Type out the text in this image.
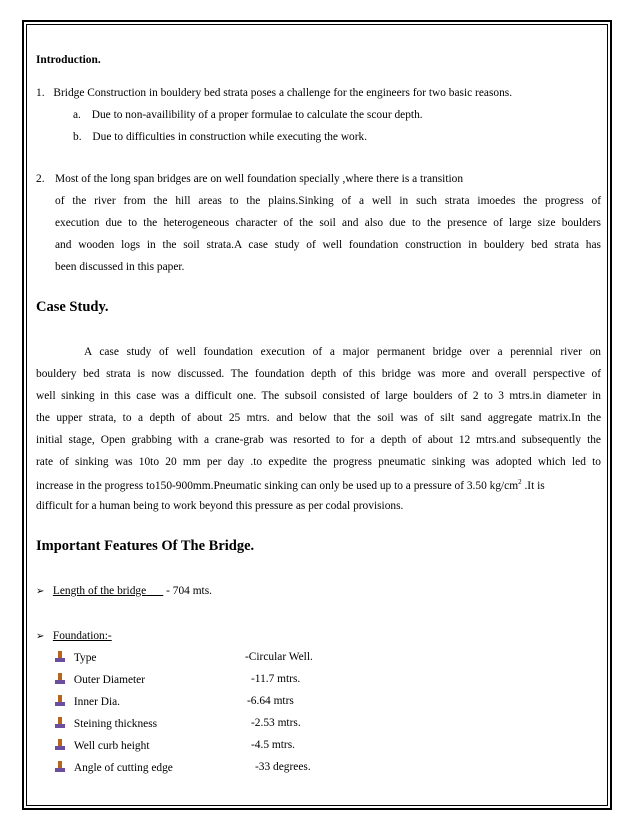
Introduction.
1. Bridge Construction in bouldery bed strata poses a challenge for the engineers for two basic reasons.
a. Due to non-availibility of a proper formulae to calculate the scour depth.
b. Due to difficulties in construction while executing the work.
2. Most of the long span bridges are on well foundation specially ,where there is a transition
of the river from the hill areas to the plains.Sinking of a well in such strata imoedes the progress of
execution due to the heterogeneous character of the soil and also due to the presence of large size boulders
and wooden logs in the soil strata.A case study of well foundation construction in bouldery bed strata has
been discussed in this paper.
Case Study.
A case study of well foundation execution of a major permanent bridge over a perennial river on
bouldery bed strata is now discussed. The foundation depth of this bridge was more and overall perspective of
well sinking in this case was a difficult one. The subsoil consisted of large boulders of 2 to 3 mtrs.in diameter in
the upper strata, to a depth of about 25 mtrs. and below that the soil was of silt sand aggregate matrix.In the
initial stage, Open grabbing with a crane-grab was resorted to for a depth of about 12 mtrs.and subsequently the
rate of sinking was 10to 20 mm per day .to expedite the progress pneumatic sinking was adopted which led to
increase in the progress to150-900mm.Pneumatic sinking can only be used up to a pressure of 3.50 $kg/cm^2$ .It is
difficult for a human being to work beyond this pressure as per codal provisions.
Important Features Of The Bridge.
➢ Length of the bridge - 704 mts.
➢ Foundation:-
Type	-Circular Well.
Outer Diameter	-11.7 mtrs.
Inner Dia.	-6.64 mtrs
Steining thickness	-2.53 mtrs.
Well curb height	-4.5 mtrs.
Angle of cutting edge	-33 degrees.
